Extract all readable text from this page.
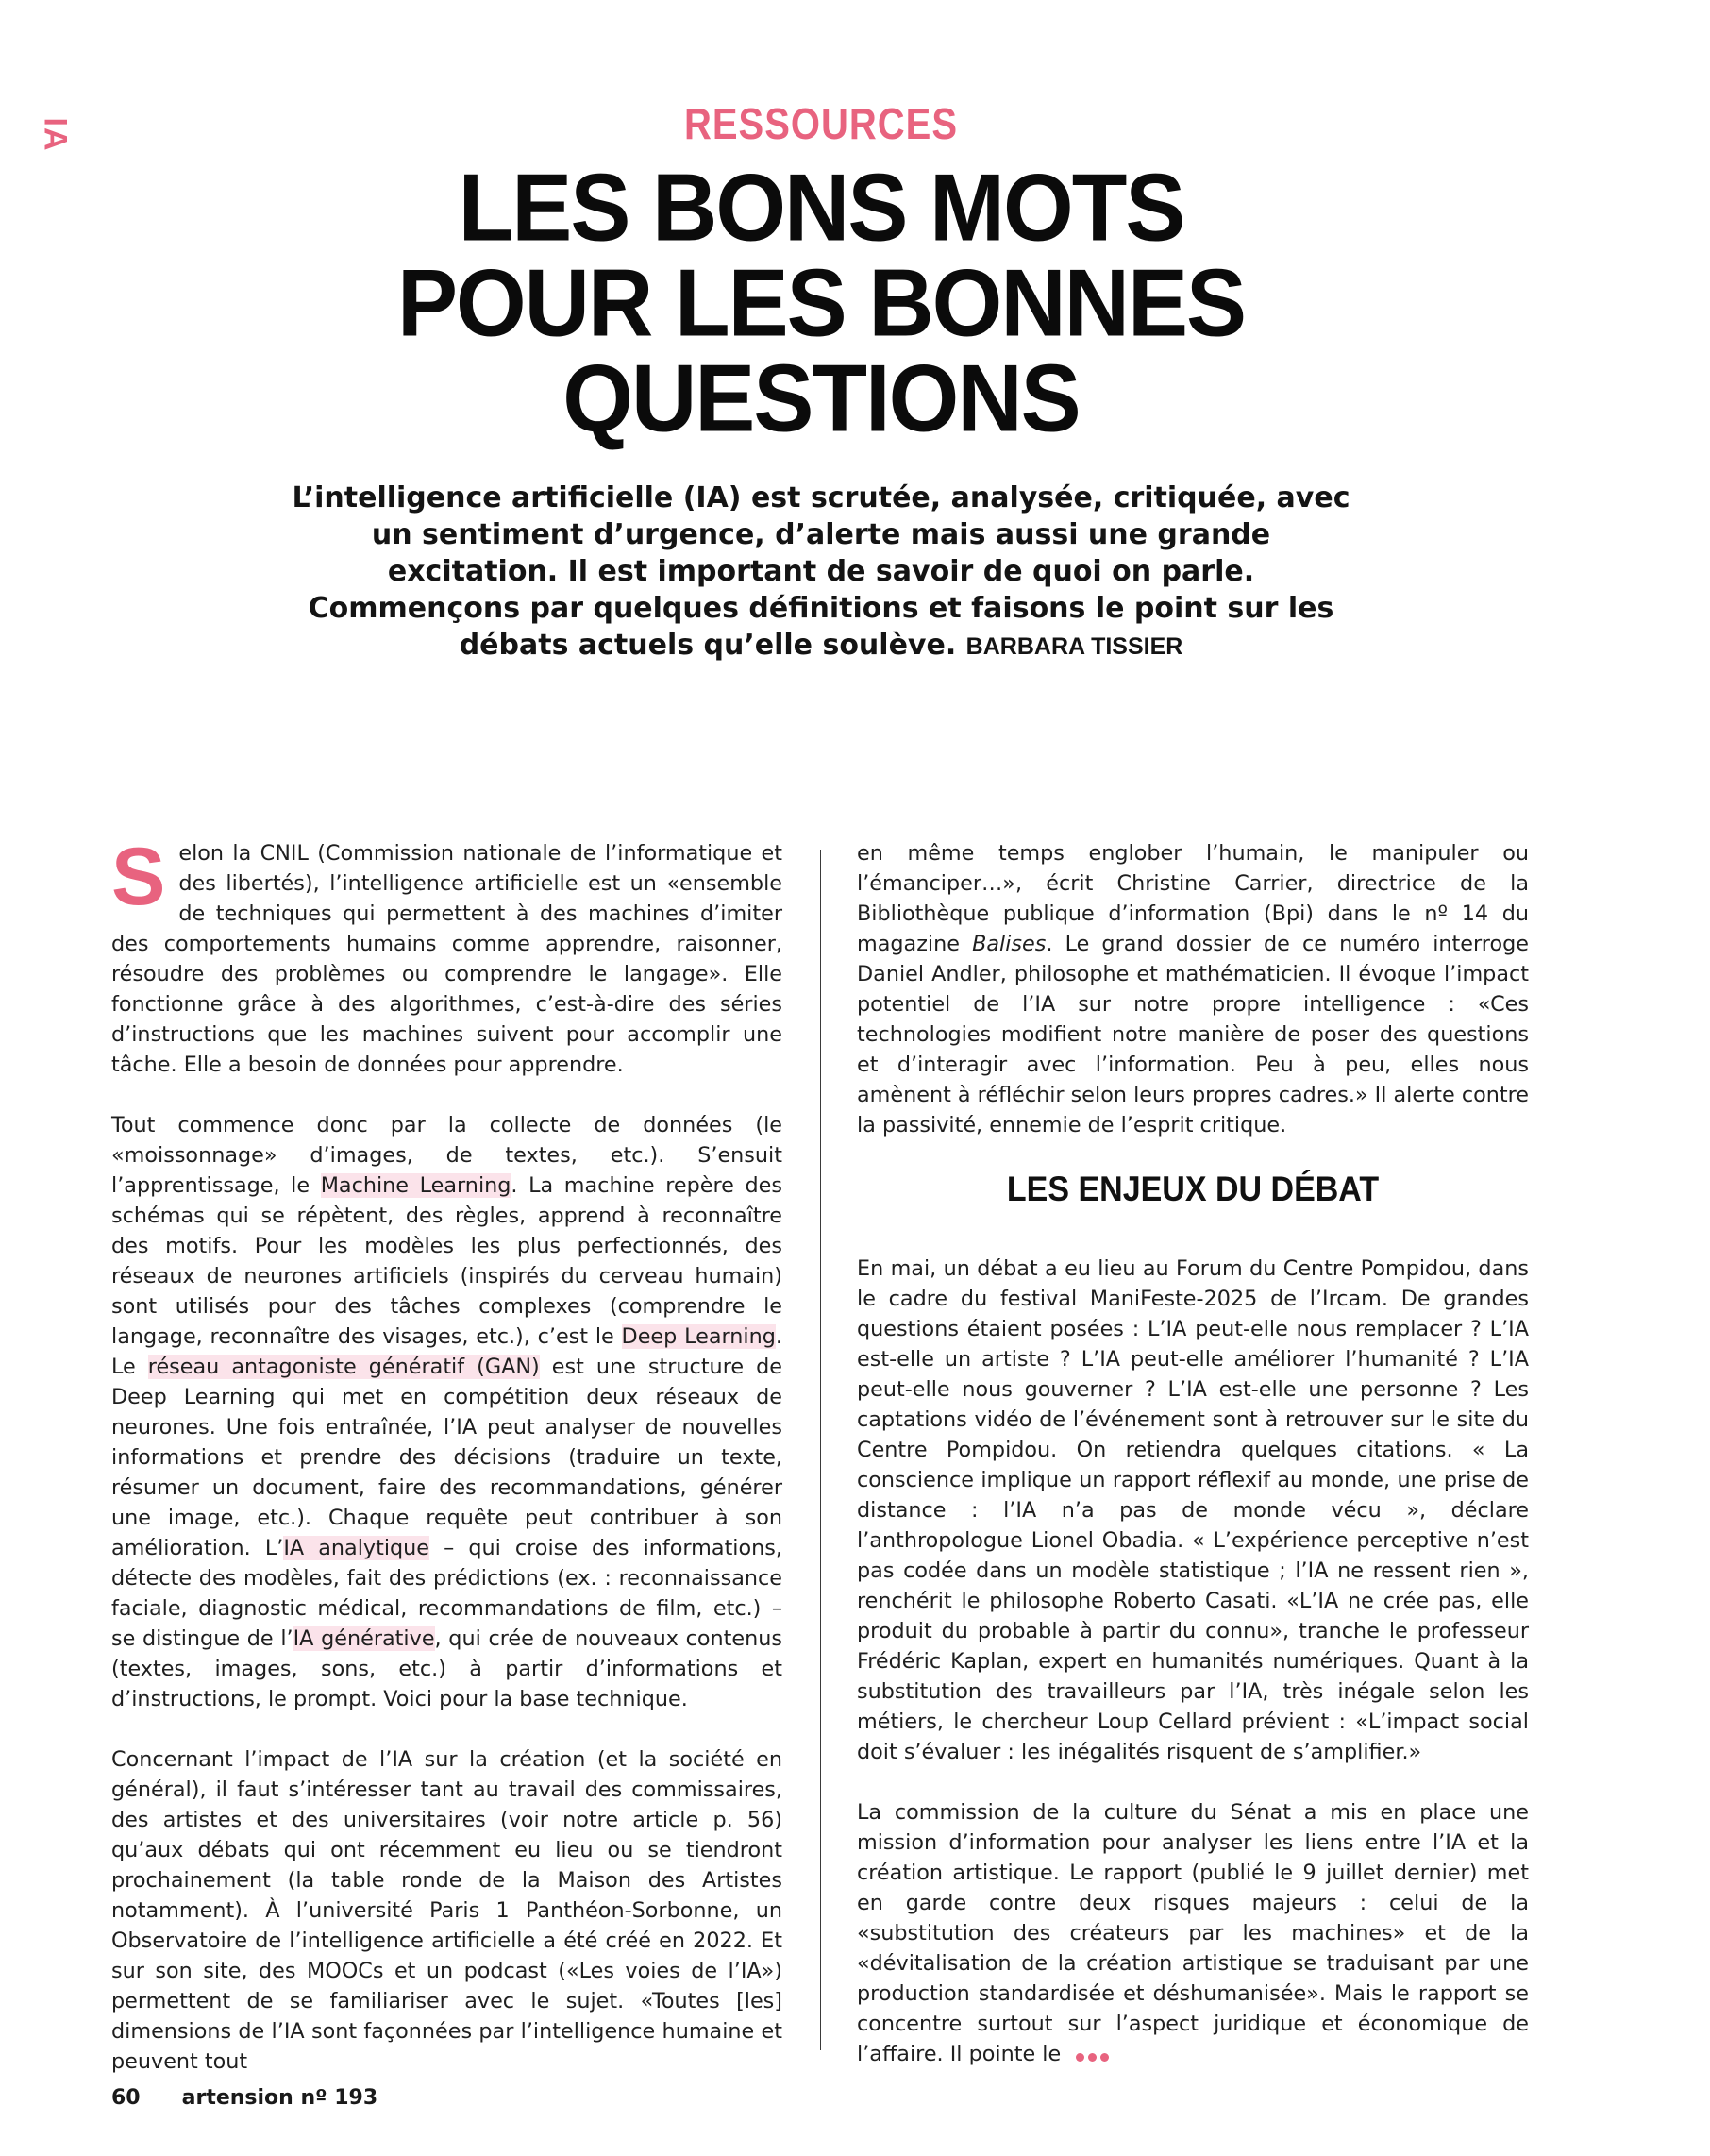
IA	RESSOURCES
LES BONS MOTS
POUR LES BONNES
QUESTIONS
L’intelligence artificielle (IA) est scrutée, analysée, critiquée, avec un sentiment d’urgence, d’alerte mais aussi une grande excitation. Il est important de savoir de quoi on parle. Commençons par quelques définitions et faisons le point sur les débats actuels qu’elle soulève. BARBARA TISSIER

Selon la CNIL (Commission nationale de l’informatique et des libertés), l’intelligence artificielle est un «ensemble de techniques qui permettent à des machines d’imiter des comportements humains comme apprendre, raisonner, résoudre des problèmes ou comprendre le langage». Elle fonctionne grâce à des algorithmes, c’est-à-dire des séries d’instructions que les machines suivent pour accomplir une tâche. Elle a besoin de données pour apprendre.

Tout commence donc par la collecte de données (le «moissonnage» d’images, de textes, etc.). S’ensuit l’apprentissage, le Machine Learning. La machine repère des schémas qui se répètent, des règles, apprend à reconnaître des motifs. Pour les modèles les plus perfectionnés, des réseaux de neurones artificiels (inspirés du cerveau humain) sont utilisés pour des tâches complexes (comprendre le langage, reconnaître des visages, etc.), c’est le Deep Learning. Le réseau antagoniste génératif (GAN) est une structure de Deep Learning qui met en compétition deux réseaux de neurones. Une fois entraînée, l’IA peut analyser de nouvelles informations et prendre des décisions (traduire un texte, résumer un document, faire des recommandations, générer une image, etc.). Chaque requête peut contribuer à son amélioration. L’IA analytique – qui croise des informations, détecte des modèles, fait des prédictions (ex. : reconnaissance faciale, diagnostic médical, recommandations de film, etc.) – se distingue de l’IA générative, qui crée de nouveaux contenus (textes, images, sons, etc.) à partir d’informations et d’instructions, le prompt. Voici pour la base technique.

Concernant l’impact de l’IA sur la création (et la société en général), il faut s’intéresser tant au travail des commissaires, des artistes et des universitaires (voir notre article p. 56) qu’aux débats qui ont récemment eu lieu ou se tiendront prochainement (la table ronde de la Maison des Artistes notamment). À l’université Paris 1 Panthéon-Sorbonne, un Observatoire de l’intelligence artificielle a été créé en 2022. Et sur son site, des MOOCs et un podcast («Les voies de l’IA») permettent de se familiariser avec le sujet. «Toutes [les] dimensions de l’IA sont façonnées par l’intelligence humaine et peuvent tout

en même temps englober l’humain, le manipuler ou l’émanciper…», écrit Christine Carrier, directrice de la Bibliothèque publique d’information (Bpi) dans le nº 14 du magazine Balises. Le grand dossier de ce numéro interroge Daniel Andler, philosophe et mathématicien. Il évoque l’impact potentiel de l’IA sur notre propre intelligence : «Ces technologies modifient notre manière de poser des questions et d’interagir avec l’information. Peu à peu, elles nous amènent à réfléchir selon leurs propres cadres.» Il alerte contre la passivité, ennemie de l’esprit critique.

LES ENJEUX DU DÉBAT

En mai, un débat a eu lieu au Forum du Centre Pompidou, dans le cadre du festival ManiFeste-2025 de l’Ircam. De grandes questions étaient posées : L’IA peut-elle nous remplacer ? L’IA est-elle un artiste ? L’IA peut-elle améliorer l’humanité ? L’IA peut-elle nous gouverner ? L’IA est-elle une personne ? Les captations vidéo de l’événement sont à retrouver sur le site du Centre Pompidou. On retiendra quelques citations. « La conscience implique un rapport réflexif au monde, une prise de distance : l’IA n’a pas de monde vécu », déclare l’anthropologue Lionel Obadia. « L’expérience perceptive n’est pas codée dans un modèle statistique ; l’IA ne ressent rien », renchérit le philosophe Roberto Casati. «L’IA ne crée pas, elle produit du probable à partir du connu», tranche le professeur Frédéric Kaplan, expert en humanités numériques. Quant à la substitution des travailleurs par l’IA, très inégale selon les métiers, le chercheur Loup Cellard prévient : «L’impact social doit s’évaluer : les inégalités risquent de s’amplifier.»

La commission de la culture du Sénat a mis en place une mission d’information pour analyser les liens entre l’IA et la création artistique. Le rapport (publié le 9 juillet dernier) met en garde contre deux risques majeurs : celui de la «substitution des créateurs par les machines» et de la «dévitalisation de la création artistique se traduisant par une production standardisée et déshumanisée». Mais le rapport se concentre surtout sur l’aspect juridique et économique de l’affaire. Il pointe le

60 artension nº 193
